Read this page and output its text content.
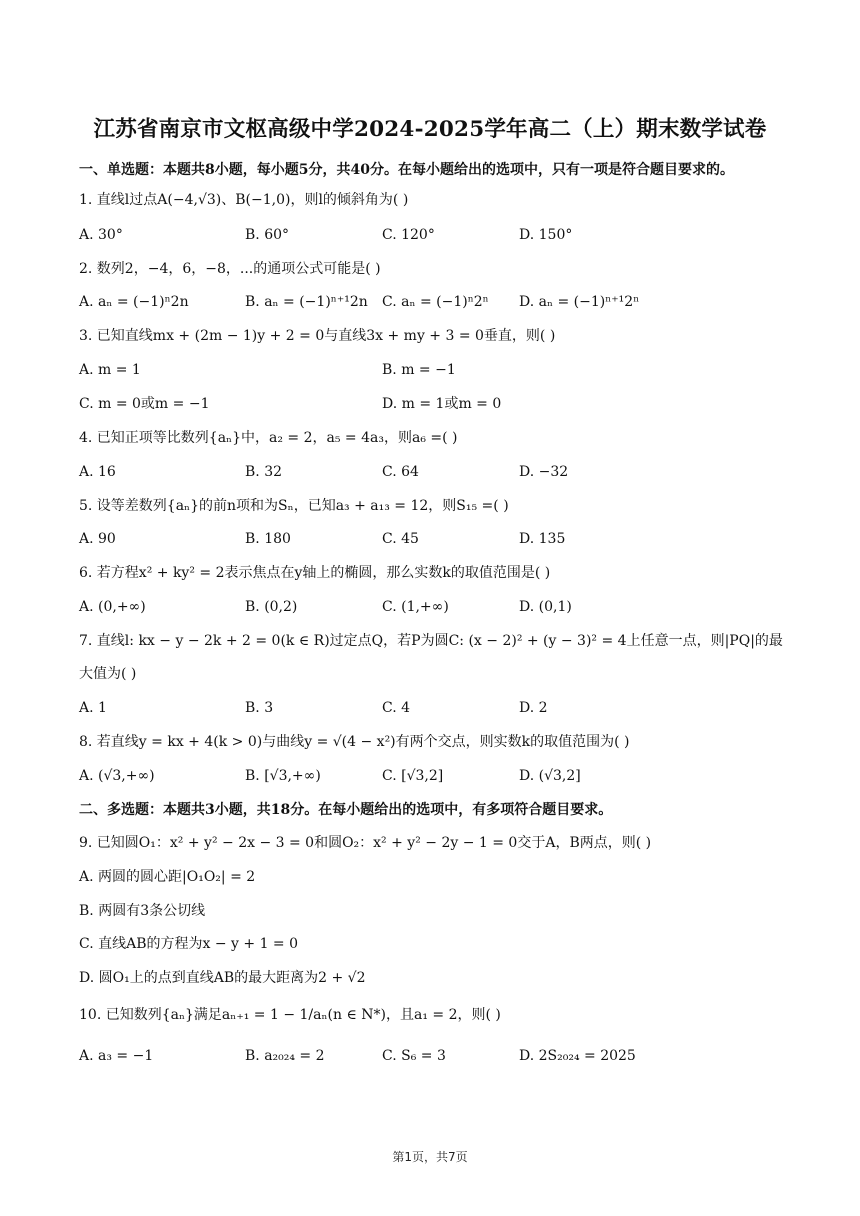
江苏省南京市文枢高级中学2024-2025学年高二（上）期末数学试卷
一、单选题：本题共8小题，每小题5分，共40分。在每小题给出的选项中，只有一项是符合题目要求的。
1. 直线l过点A(−4,√3)、B(−1,0)，则l的倾斜角为( )
A. 30°	B. 60°	C. 120°	D. 150°
2. 数列2，−4，6，−8，...的通项公式可能是( )
A. aₙ = (−1)ⁿ2n	B. aₙ = (−1)ⁿ⁺¹2n C. aₙ = (−1)ⁿ2ⁿ D. aₙ = (−1)ⁿ⁺¹2ⁿ
3. 已知直线mx + (2m − 1)y + 2 = 0与直线3x + my + 3 = 0垂直，则( )
A. m = 1	B. m = −1
C. m = 0或m = −1	D. m = 1或m = 0
4. 已知正项等比数列{aₙ}中，a₂ = 2，a₅ = 4a₃，则a₆ =( )
A. 16	B. 32	C. 64	D. −32
5. 设等差数列{aₙ}的前n项和为Sₙ，已知a₃ + a₁₃ = 12，则S₁₅ =( )
A. 90	B. 180	C. 45	D. 135
6. 若方程x² + ky² = 2表示焦点在y轴上的椭圆，那么实数k的取值范围是( )
A. (0,+∞)	B. (0,2)	C. (1,+∞)	D. (0,1)
7. 直线l: kx − y − 2k + 2 = 0(k ∈ R)过定点Q，若P为圆C: (x − 2)² + (y − 3)² = 4上任意一点，则|PQ|的最
大值为( )
A. 1	B. 3	C. 4	D. 2
8. 若直线y = kx + 4(k > 0)与曲线y = √(4 − x²)有两个交点，则实数k的取值范围为( )
A. (√3,+∞)	B. [√3,+∞)	C. [√3,2]	D. (√3,2]
二、多选题：本题共3小题，共18分。在每小题给出的选项中，有多项符合题目要求。
9. 已知圆O₁：x² + y² − 2x − 3 = 0和圆O₂：x² + y² − 2y − 1 = 0交于A，B两点，则( )
A. 两圆的圆心距|O₁O₂| = 2
B. 两圆有3条公切线
C. 直线AB的方程为x − y + 1 = 0
D. 圆O₁上的点到直线AB的最大距离为2 + √2
10. 已知数列{aₙ}满足aₙ₊₁ = 1 − 1/aₙ(n ∈ N*)，且a₁ = 2，则( )
A. a₃ = −1	B. a₂₀₂₄ = 2	C. S₆ = 3	D. 2S₂₀₂₄ = 2025
第1页，共7页
